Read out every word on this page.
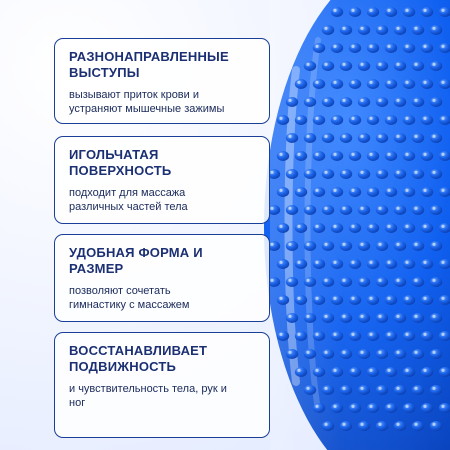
РАЗНОНАПРАВЛЕННЫЕ
ВЫСТУПЫ
вызывают приток крови и
устраняют мышечные зажимы
ИГОЛЬЧАТАЯ
ПОВЕРХНОСТЬ
подходит для массажа
различных частей тела
УДОБНАЯ ФОРМА И
РАЗМЕР
позволяют сочетать
гимнастику с массажем
ВОССТАНАВЛИВАЕТ
ПОДВИЖНОСТЬ
и чувствительность тела, рук и
ног
